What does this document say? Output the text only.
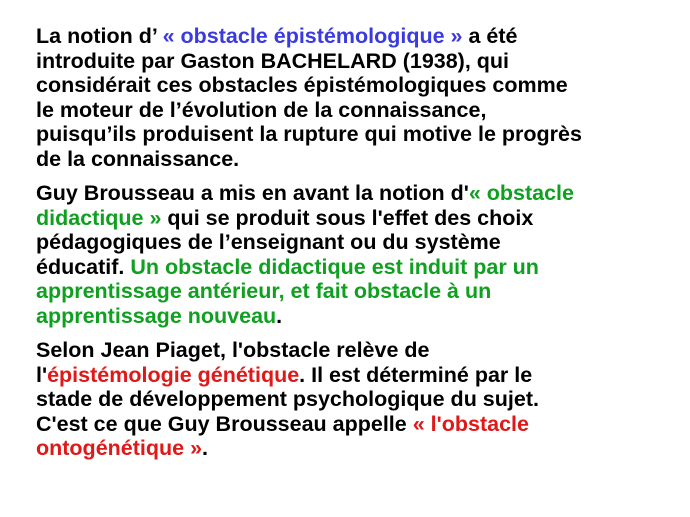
La notion d’ « obstacle épistémologique » a été
introduite par Gaston BACHELARD (1938), qui
considérait ces obstacles épistémologiques comme
le moteur de l’évolution de la connaissance,
puisqu’ils produisent la rupture qui motive le progrès
de la connaissance.

Guy Brousseau a mis en avant la notion d'« obstacle
didactique » qui se produit sous l'effet des choix
pédagogiques de l’enseignant ou du système
éducatif. Un obstacle didactique est induit par un
apprentissage antérieur, et fait obstacle à un
apprentissage nouveau.

Selon Jean Piaget, l'obstacle relève de
l'épistémologie génétique. Il est déterminé par le
stade de développement psychologique du sujet.
C'est ce que Guy Brousseau appelle « l'obstacle
ontogénétique ».
